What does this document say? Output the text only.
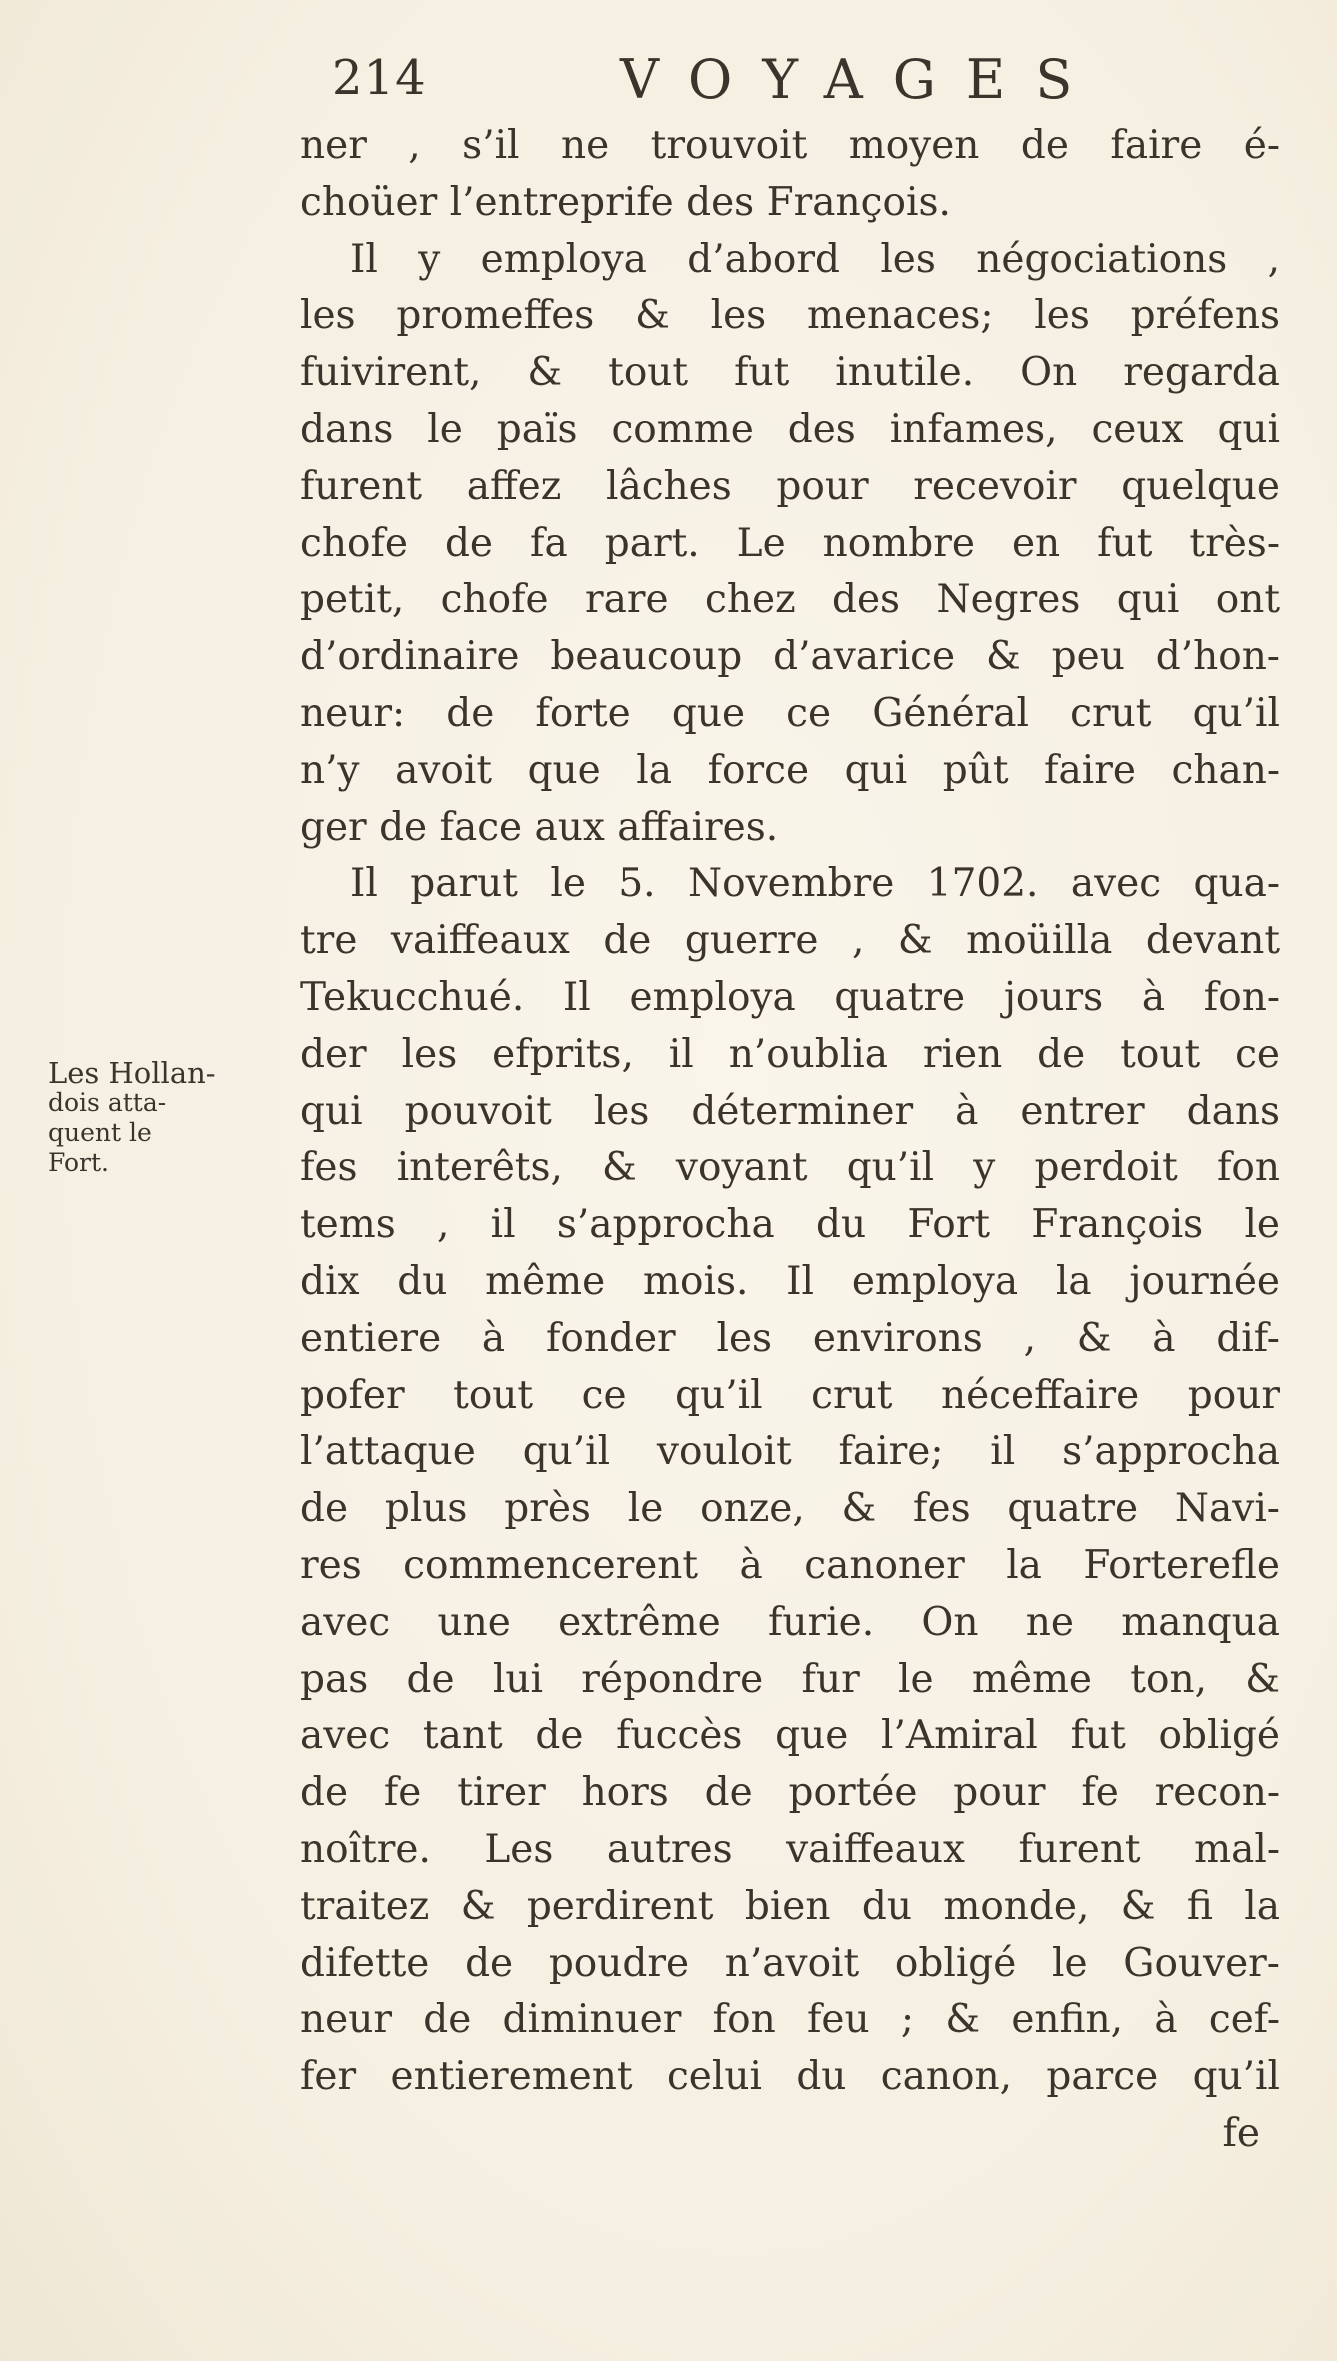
214	VOYAGES
ner , s’il ne trouvoit moyen de faire é-
choüer l’entreprife des François.
Il y employa d’abord les négociations ,
les promeffes & les menaces; les préfens
fuivirent, & tout fut inutile. On regarda
dans le païs comme des infames, ceux qui
furent affez lâches pour recevoir quelque
chofe de fa part. Le nombre en fut très-
petit, chofe rare chez des Negres qui ont
d’ordinaire beaucoup d’avarice & peu d’hon-
neur: de forte que ce Général crut qu’il
n’y avoit que la force qui pût faire chan-
ger de face aux affaires.
Il parut le 5. Novembre 1702. avec qua-
tre vaiffeaux de guerre , & moüilla devant
Tekucchué. Il employa quatre jours à fon-
der les efprits, il n’oublia rien de tout ce
qui pouvoit les déterminer à entrer dans
fes interêts, & voyant qu’il y perdoit fon
tems , il s’approcha du Fort François le
dix du même mois. Il employa la journée
entiere à fonder les environs , & à dif-
pofer tout ce qu’il crut néceffaire pour
l’attaque qu’il vouloit faire; il s’approcha
de plus près le onze, & fes quatre Navi-
res commencerent à canoner la Forterefle
avec une extrême furie. On ne manqua
pas de lui répondre fur le même ton, &
avec tant de fuccès que l’Amiral fut obligé
de fe tirer hors de portée pour fe recon-
noître. Les autres vaiffeaux furent mal-
traitez & perdirent bien du monde, & fi la
difette de poudre n’avoit obligé le Gouver-
neur de diminuer fon feu ; & enfin, à cef-
fer entierement celui du canon, parce qu’il
fe
Les Hollan-
dois atta-
quent le
Fort.
